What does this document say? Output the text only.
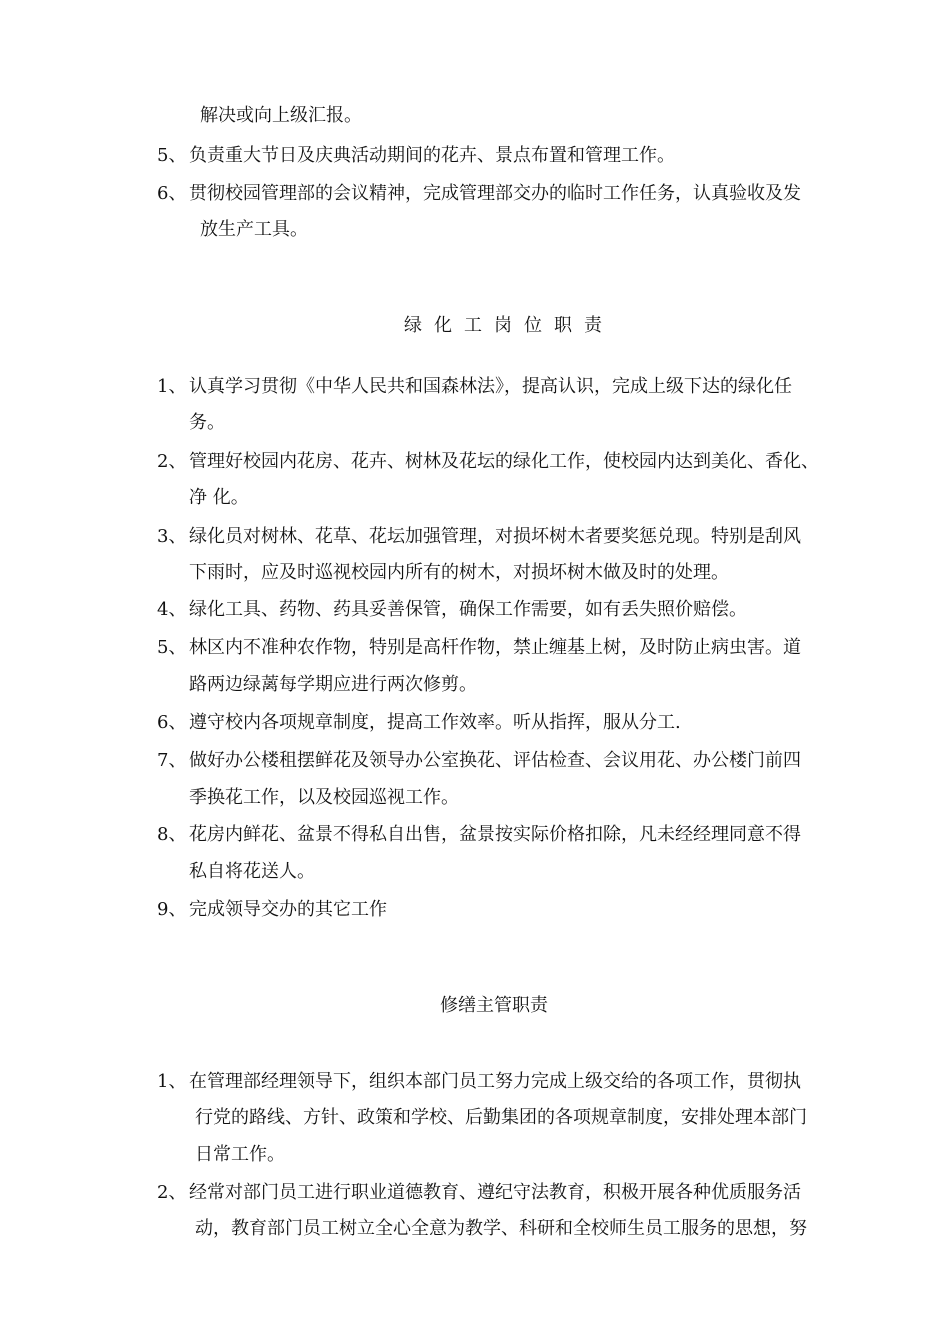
解决或向上级汇报。
5、 负责重大节日及庆典活动期间的花卉、景点布置和管理工作。
6、 贯彻校园管理部的会议精神，完成管理部交办的临时工作任务，认真验收及发
放生产工具。
绿化工岗位职责
1、 认真学习贯彻《中华人民共和国森林法》，提高认识，完成上级下达的绿化任
务。
2、 管理好校园内花房、花卉、树林及花坛的绿化工作，使校园内达到美化、香化、
净 化。
3、 绿化员对树林、花草、花坛加强管理，对损坏树木者要奖惩兑现。特别是刮风
下雨时，应及时巡视校园内所有的树木，对损坏树木做及时的处理。
4、 绿化工具、药物、药具妥善保管，确保工作需要，如有丢失照价赔偿。
5、 林区内不准种农作物，特别是高杆作物，禁止缠基上树，及时防止病虫害。道
路两边绿蓠每学期应进行两次修剪。
6、 遵守校内各项规章制度，提高工作效率。听从指挥，服从分工.
7、 做好办公楼租摆鲜花及领导办公室换花、评估检查、会议用花、办公楼门前四
季换花工作，以及校园巡视工作。
8、 花房内鲜花、盆景不得私自出售，盆景按实际价格扣除，凡未经经理同意不得
私自将花送人。
9、 完成领导交办的其它工作
修缮主管职责
1、 在管理部经理领导下，组织本部门员工努力完成上级交给的各项工作，贯彻执
行党的路线、方针、政策和学校、后勤集团的各项规章制度，安排处理本部门
日常工作。
2、 经常对部门员工进行职业道德教育、遵纪守法教育，积极开展各种优质服务活
动，教育部门员工树立全心全意为教学、科研和全校师生员工服务的思想，努
